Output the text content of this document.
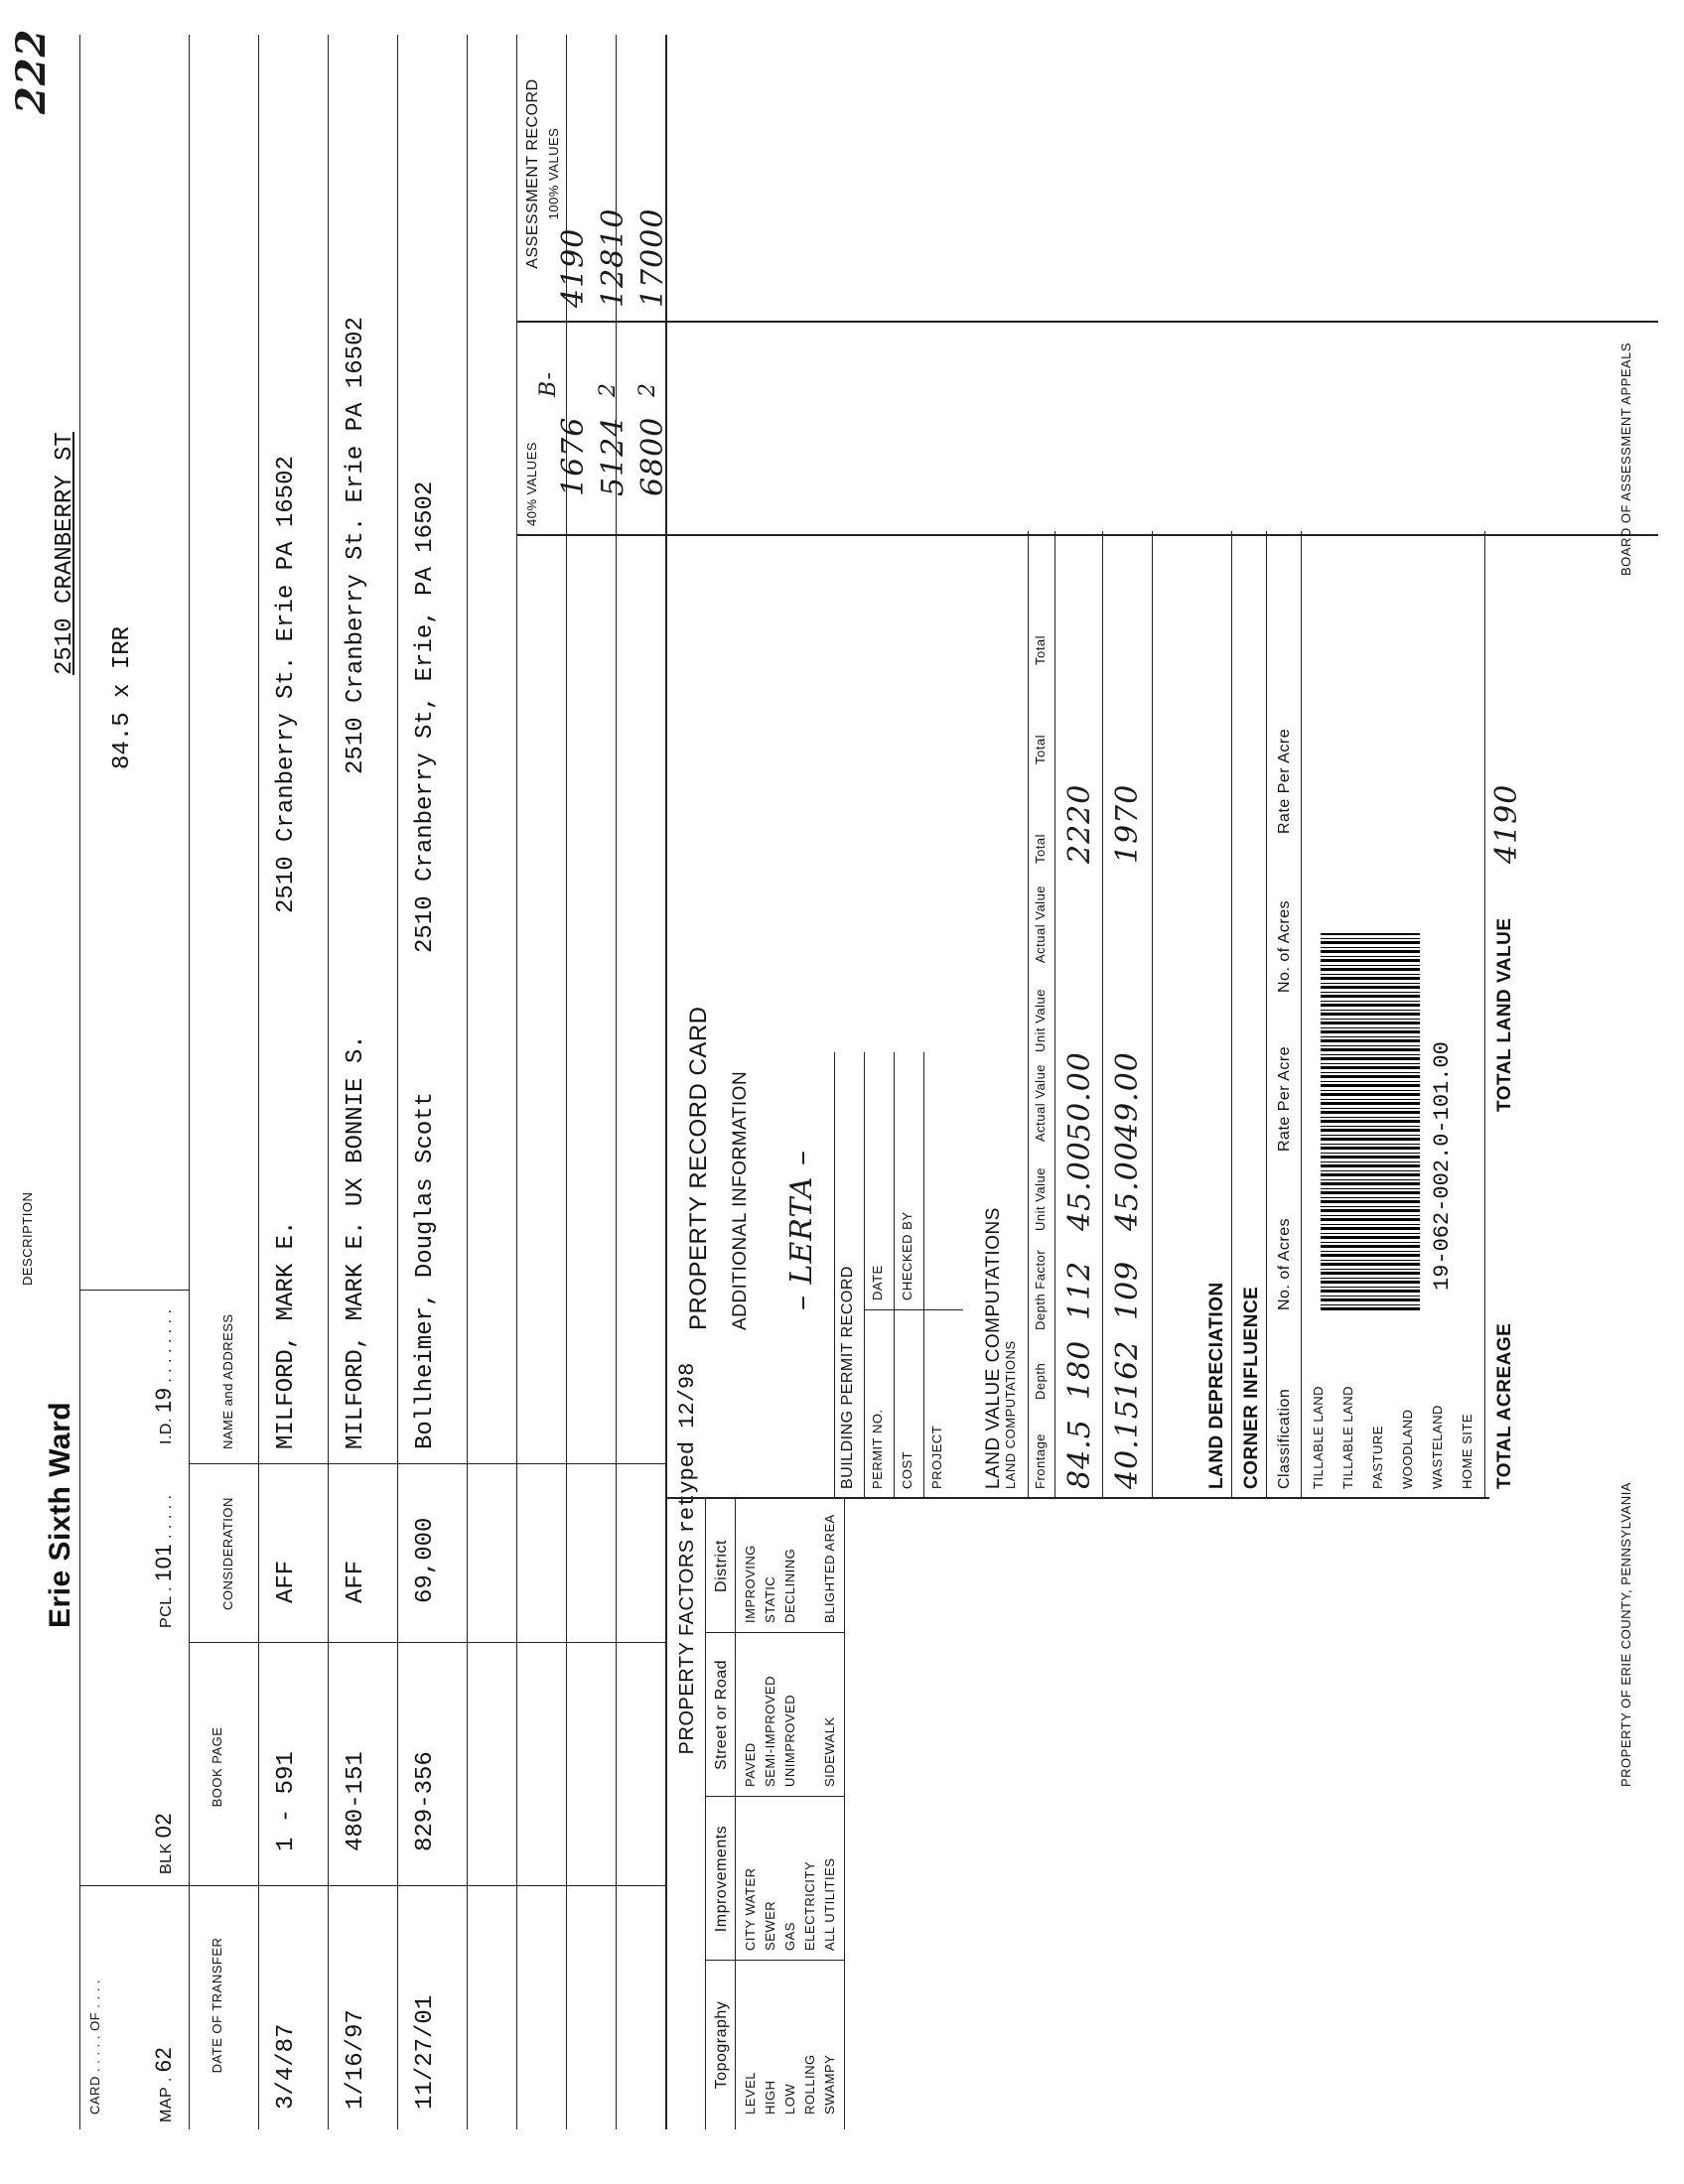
222
CARD . . . . . OF . . . .
Erie Sixth Ward
DESCRIPTION
2510 CRANBERRY ST
84.5 x IRR
MAP . 62
BLK 02
PCL . 101 . . . . .
I.D. 19 . . . . . . . .
DATE OF TRANSFER
BOOK PAGE
CONSIDERATION
NAME and ADDRESS
3/4/87
1 - 591
AFF
MILFORD, MARK E.
2510 Cranberry St. Erie PA 16502
1/16/97
480-151
AFF
MILFORD, MARK E. UX BONNIE S.
2510 Cranberry St. Erie PA 16502
11/27/01
829-356
69,000
Bollheimer, Douglas Scott
2510 Cranberry St, Erie, PA 16502
PROPERTY FACTORS retyped 12/98
Topography
Improvements
Street or Road
District
LEVEL HIGH LOW ROLLING SWAMPY
CITY WATER SEWER GAS ELECTRICITY ALL UTILITIES
PAVED SEMI-IMPROVED UNIMPROVED SIDEWALK
IMPROVING STATIC DECLINING BLIGHTED AREA
PROPERTY RECORD CARD ADDITIONAL INFORMATION – LERTA –
BUILDING PERMIT RECORD PERMIT NO.
DATE
COST
CHECKED BY
PROJECT
40% VALUES 1676 5124 6800
ASSESSMENT RECORD 100% VALUES
4190 12810 17000
B- 2 2
LAND VALUE COMPUTATIONS LAND COMPUTATIONS Frontage
Depth
Depth Factor
Unit Value
Actual Value
Unit Value
Actual Value
Total
Total
Total
84.5
180
112
45.00
50.00
2220
40.15
162
109
45.00
49.00
1970
LAND DEPRECIATION CORNER INFLUENCE Classification
No. of Acres
Rate Per Acre
No. of Acres
Rate Per Acre
TILLABLE LAND TILLABLE LAND PASTURE WOODLAND WASTELAND HOME SITE TOTAL ACREAGE
19-062-002.0-101.00
TOTAL LAND VALUE
4190
PROPERTY OF ERIE COUNTY, PENNSYLVANIA
BOARD OF ASSESSMENT APPEALS
